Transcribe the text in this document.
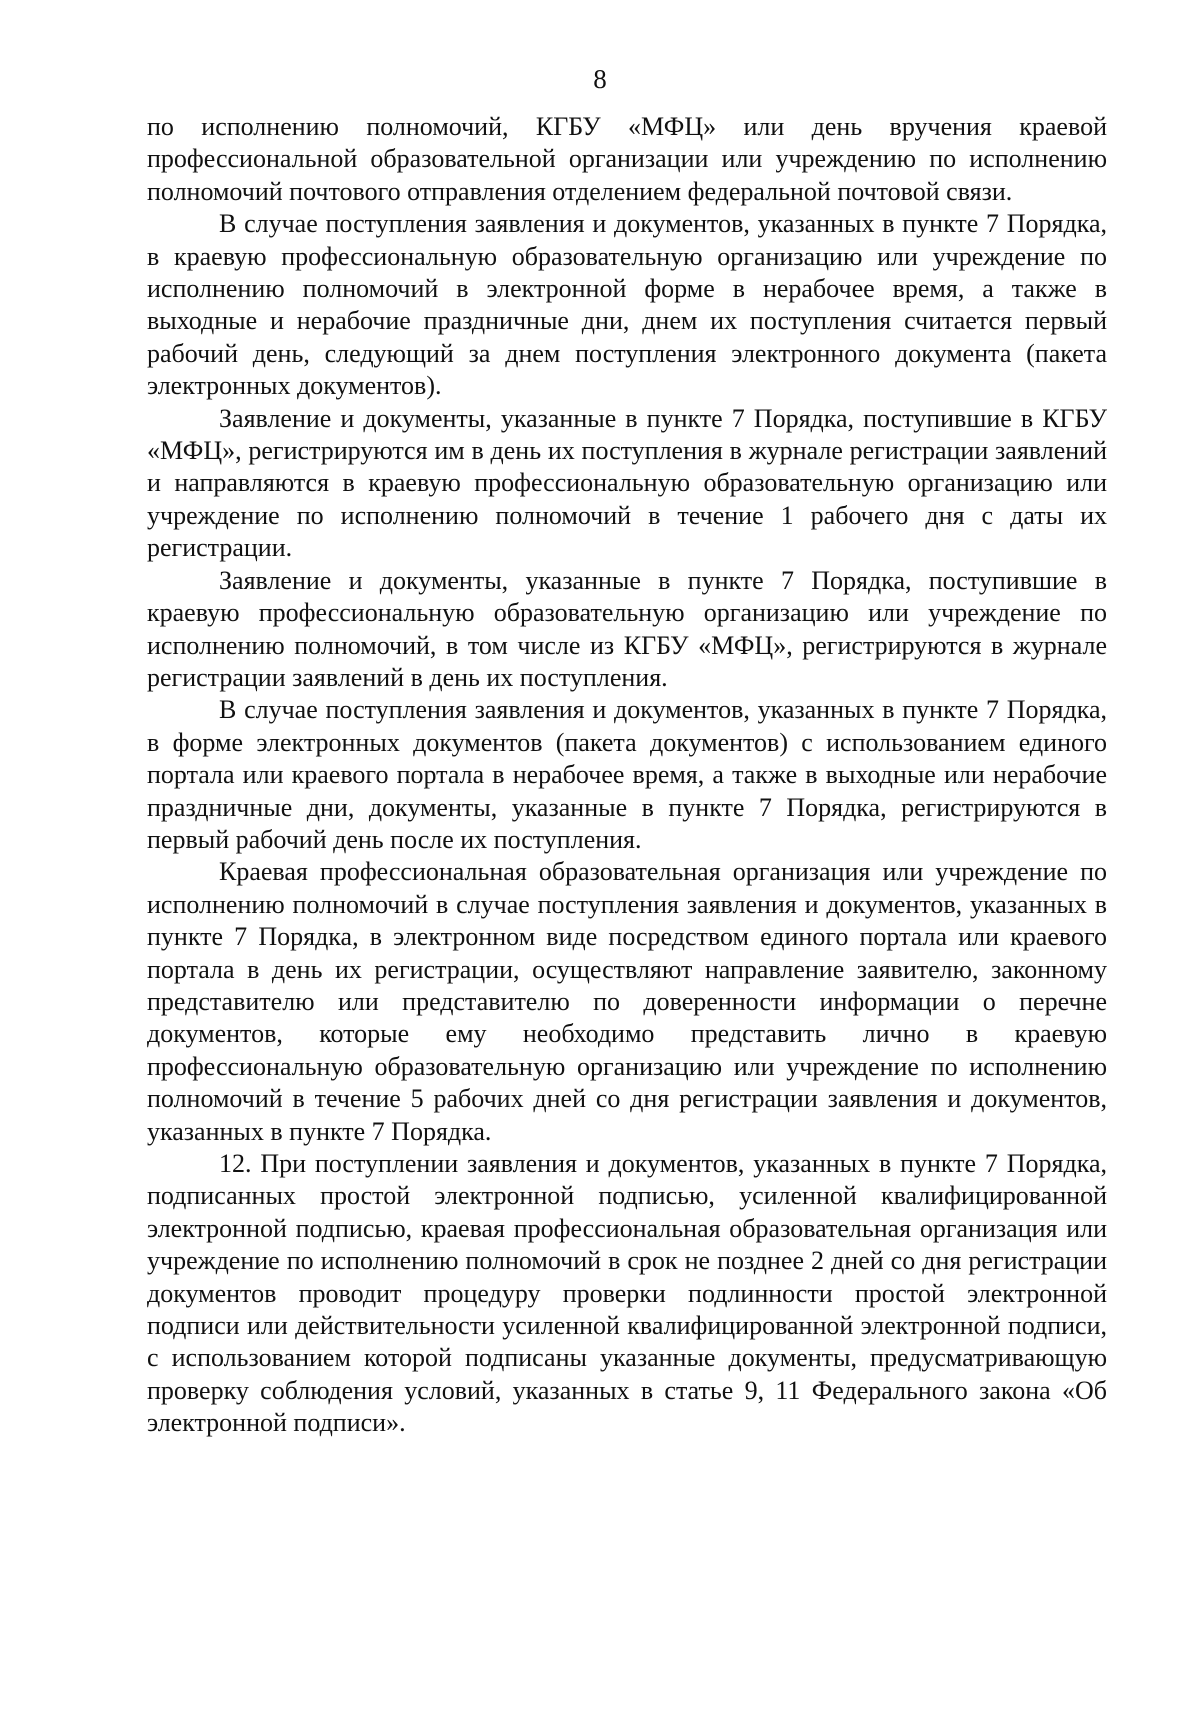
8

по исполнению полномочий, КГБУ «МФЦ» или день вручения краевой профессиональной образовательной организации или учреждению по исполнению полномочий почтового отправления отделением федеральной почтовой связи.

В случае поступления заявления и документов, указанных в пункте 7 Порядка, в краевую профессиональную образовательную организацию или учреждение по исполнению полномочий в электронной форме в нерабочее время, а также в выходные и нерабочие праздничные дни, днем их поступления считается первый рабочий день, следующий за днем поступления электронного документа (пакета электронных документов).

Заявление и документы, указанные в пункте 7 Порядка, поступившие в КГБУ «МФЦ», регистрируются им в день их поступления в журнале регистрации заявлений и направляются в краевую профессиональную образовательную организацию или учреждение по исполнению полномочий в течение 1 рабочего дня с даты их регистрации.

Заявление и документы, указанные в пункте 7 Порядка, поступившие в краевую профессиональную образовательную организацию или учреждение по исполнению полномочий, в том числе из КГБУ «МФЦ», регистрируются в журнале регистрации заявлений в день их поступления.

В случае поступления заявления и документов, указанных в пункте 7 Порядка, в форме электронных документов (пакета документов) с использованием единого портала или краевого портала в нерабочее время, а также в выходные или нерабочие праздничные дни, документы, указанные в пункте 7 Порядка, регистрируются в первый рабочий день после их поступления.

Краевая профессиональная образовательная организация или учреждение по исполнению полномочий в случае поступления заявления и документов, указанных в пункте 7 Порядка, в электронном виде посредством единого портала или краевого портала в день их регистрации, осуществляют направление заявителю, законному представителю или представителю по доверенности информации о перечне документов, которые ему необходимо представить лично в краевую профессиональную образовательную организацию или учреждение по исполнению полномочий в течение 5 рабочих дней со дня регистрации заявления и документов, указанных в пункте 7 Порядка.

12. При поступлении заявления и документов, указанных в пункте 7 Порядка, подписанных простой электронной подписью, усиленной квалифицированной электронной подписью, краевая профессиональная образовательная организация или учреждение по исполнению полномочий в срок не позднее 2 дней со дня регистрации документов проводит процедуру проверки подлинности простой электронной подписи или действительности усиленной квалифицированной электронной подписи, с использованием которой подписаны указанные документы, предусматривающую проверку соблюдения условий, указанных в статье 9, 11 Федерального закона «Об электронной подписи».
